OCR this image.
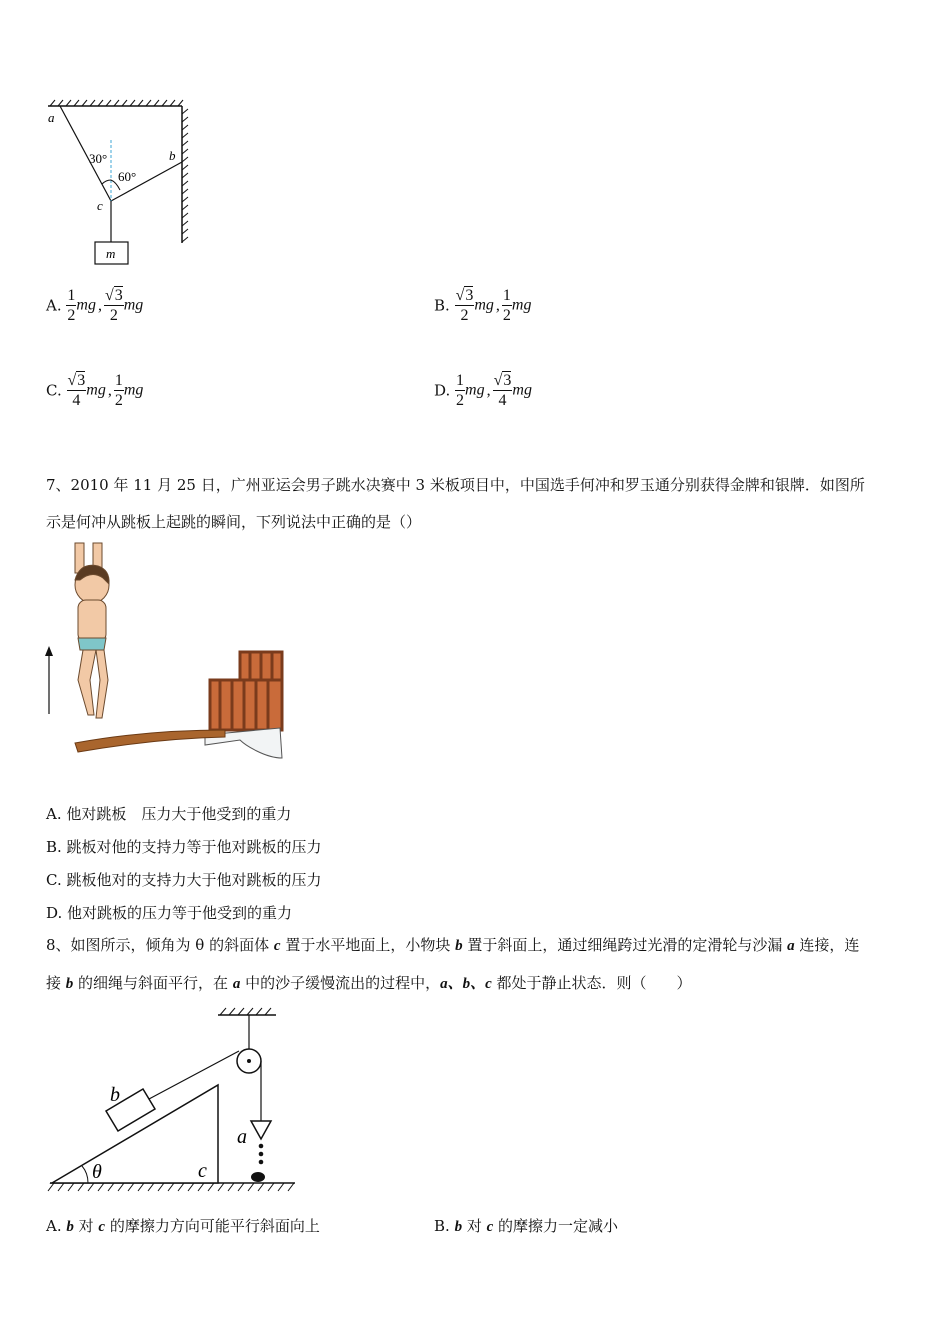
a
b
c
30°
60°
m
A. $\frac{1}{2}$ mg , $\frac{√3}{2}$ mg	B. $\frac{√3}{2}$ mg , $\frac{1}{2}$ mg
C. $\frac{√3}{4}$ mg , $\frac{1}{2}$ mg	D. $\frac{1}{2}$ mg , $\frac{√3}{4}$ mg
7、2010 年 11 月 25 日，广州亚运会男子跳水决赛中 3 米板项目中，中国选手何冲和罗玉通分别获得金牌和银牌．如图所
示是何冲从跳板上起跳的瞬间，下列说法中正确的是（）
A. 他对跳板　压力大于他受到的重力
B. 跳板对他的支持力等于他对跳板的压力
C. 跳板他对的支持力大于他对跳板的压力
D. 他对跳板的压力等于他受到的重力
8、如图所示，倾角为 θ 的斜面体 c 置于水平地面上，小物块 b 置于斜面上，通过细绳跨过光滑的定滑轮与沙漏 a 连接，连
接 b 的细绳与斜面平行，在 a 中的沙子缓慢流出的过程中，a、b、c 都处于静止状态．则（　　）
b
a
c
θ
A. b 对 c 的摩擦力方向可能平行斜面向上	B. b 对 c 的摩擦力一定减小
